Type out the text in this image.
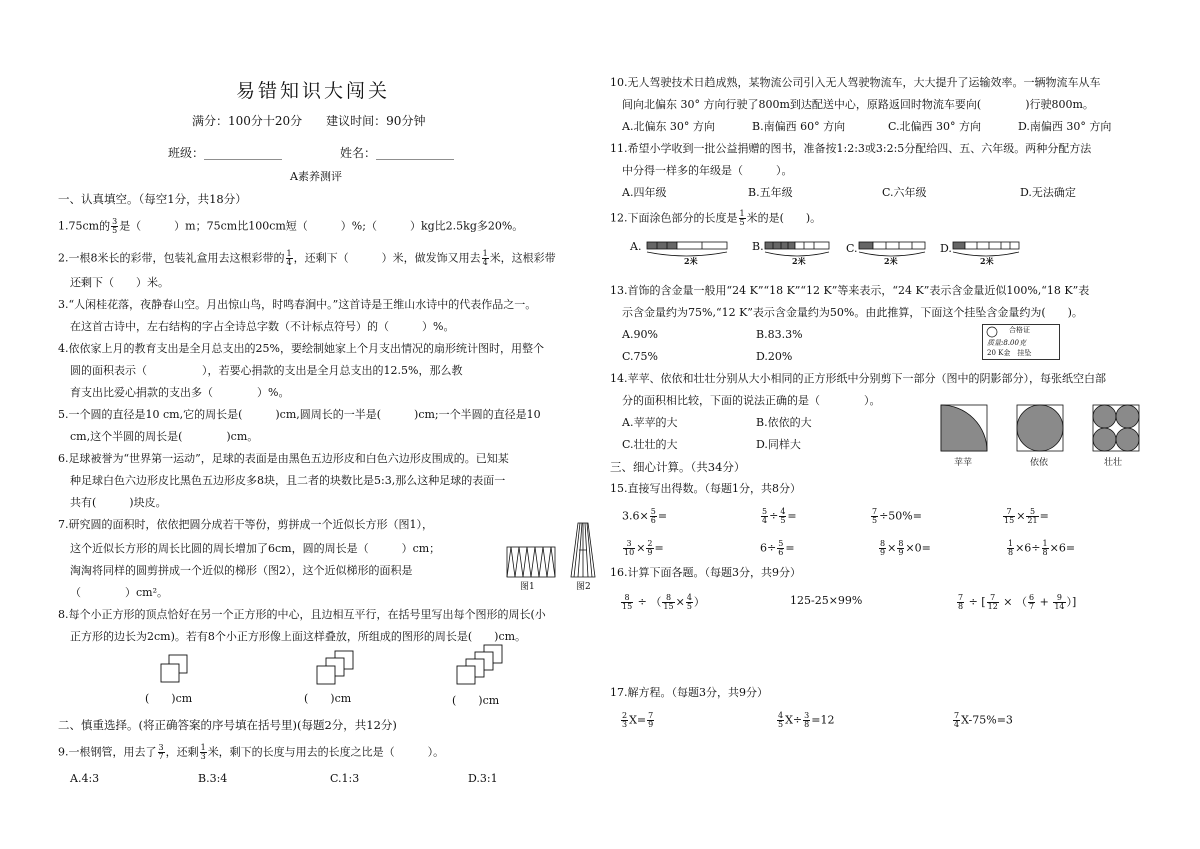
易错知识大闯关
满分：100分十20分　　建议时间：90分钟
班级：_____________	姓名：_____________
A素养测评
一、认真填空。（每空1分，共18分）
1.75cm的 $\frac{3}{5}$ 是（　　　）m；75cm比100cm短（　　　）%;（　　　）kg比2.5kg多20%。
2.一根8米长的彩带，包装礼盒用去这根彩带的 $\frac{1}{4}$ ，还剩下（　　　）米，做发饰又用去 $\frac{1}{4}$ 米，这根彩带
还剩下（　　）米。
3.“人闲桂花落，夜静春山空。月出惊山鸟，时鸣春涧中。”这首诗是王维山水诗中的代表作品之一。
在这首古诗中，左右结构的字占全诗总字数（不计标点符号）的（　　　）%。
4.依依家上月的教育支出是全月总支出的25%，要绘制她家上个月支出情况的扇形统计图时，用整个
圆的面积表示（　　　　　），若要心捐款的支出是全月总支出的12.5%，那么教
育支出比爱心捐款的支出多（　　　　）%。
5.一个圆的直径是10 cm,它的周长是(　　　)cm,圆周长的一半是(　　　)cm;一个半圆的直径是10
cm,这个半圆的周长是(　　　　)cm。
6.足球被誉为“世界第一运动”，足球的表面是由黑色五边形皮和白色六边形皮围成的。已知某
种足球白色六边形皮比黑色五边形皮多8块，且二者的块数比是5:3,那么这种足球的表面一
共有(　　　)块皮。
7.研究圆的面积时，依依把圆分成若干等份，剪拼成一个近似长方形（图1），
这个近似长方形的周长比圆的周长增加了6cm，圆的周长是（　　　）cm；
淘淘将同样的圆剪拼成一个近似的梯形（图2），这个近似梯形的面积是
（　　　　）cm²。	图1	图2
8.每个小正方形的顶点恰好在另一个正方形的中心，且边相互平行，在括号里写出每个图形的周长(小
正方形的边长为2cm)。若有8个小正方形像上面这样叠放，所组成的图形的周长是(　　)cm。
(　　)cm	(　　)cm	(　　)cm
二、慎重选择。(将正确答案的序号填在括号里)(每题2分，共12分)
9.一根钢管，用去了 $\frac{3}{7}$ ，还剩 $\frac{1}{3}$ 米，剩下的长度与用去的长度之比是（　　　）。
A.4:3	B.3:4	C.1:3	D.3:1
10.无人驾驶技术日趋成熟，某物流公司引入无人驾驶物流车，大大提升了运输效率。一辆物流车从车
间向北偏东 30° 方向行驶了800m到达配送中心，原路返回时物流车要向(　　　　)行驶800m。
A.北偏东 30° 方向	B.南偏西 60° 方向	C.北偏西 30° 方向	D.南偏西 30° 方向
11.希望小学收到一批公益捐赠的图书，准备按1:2:3或3:2:5分配给四、五、六年级。两种分配方法
中分得一样多的年级是（　　　）。
A.四年级	B.五年级	C.六年级	D.无法确定
12.下面涂色部分的长度是 $\frac{1}{5}$ 米的是(　　)。
A.
2米
B.
2米
C.
2米
D.
2米
13.首饰的含金量一般用“24 K”“18 K”“12 K”等来表示，“24 K”表示含金量近似100%,“18 K”表
示含金量约为75%,“12 K”表示含金量约为50%。由此推算，下面这个挂坠含金量约为(　　)。
A.90%	B.83.3%
C.75%	D.20%
合格证
质量:8.00克
20 K金　挂坠
14.苹苹、依依和壮壮分别从大小相同的正方形纸中分别剪下一部分（图中的阴影部分），每张纸空白部
分的面积相比较，下面的说法正确的是（　　　　）。
A.苹苹的大	B.依依的大
C.壮壮的大	D.同样大
苹苹	依依	壮壮
三、细心计算。（共34分）
15.直接写出得数。（每题1分，共8分）
$3.6\times \frac{5}{6}$ =	$\frac{5}{4} \div \frac{4}{5}$ =	$\frac{7}{5} \div 50\%=$	$\frac{7}{15} \times \frac{5}{21}$ =
$\frac{3}{10} \times \frac{2}{9}$ =	$6\div \frac{5}{6}$ =	$\frac{8}{9} \times \frac{8}{9} \times 0=$	$\frac{1}{8} \times 6\div \frac{1}{8} \times 6=$
16.计算下面各题。（每题3分，共9分）
$\frac{8}{15}$ ÷ （ $\frac{8}{15} \times \frac{4}{5}$ ）	125-25×99%	$\frac{7}{8}$ ÷ [ $\frac{7}{12}$ × （ $\frac{6}{7} + \frac{9}{14}$ ）]
17.解方程。（每题3分，共9分）
$\frac{2}{3} X= \frac{7}{9}$	$\frac{4}{5} X\div \frac{3}{8} =12$	$\frac{7}{4} X-75\%=3$
